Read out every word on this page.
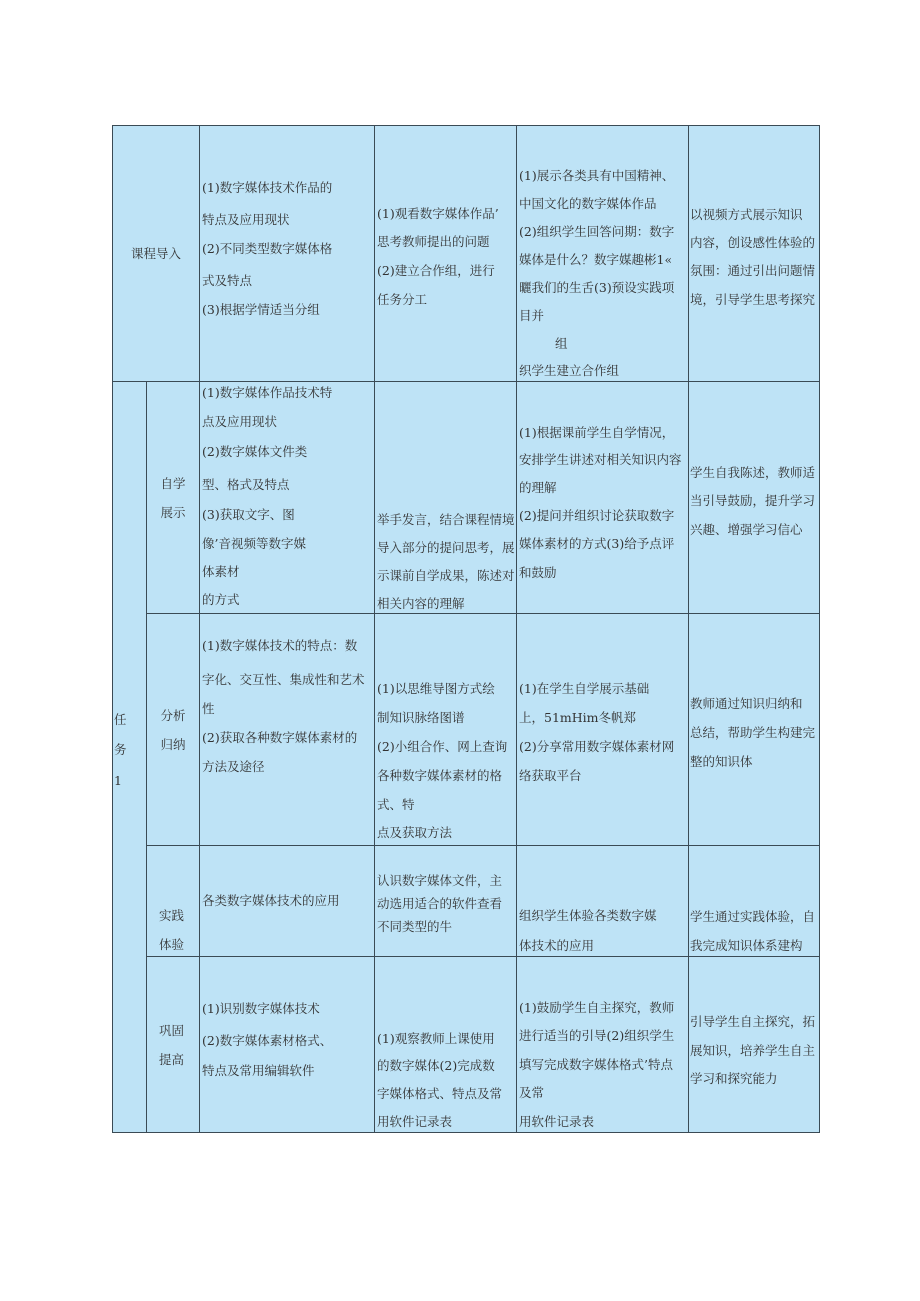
课程导入
(1)数字媒体技术作品的
特点及应用现状
(2)不同类型数字媒体格
式及特点
(3)根据学情适当分组
(1)观看数字媒体作品’
思考教师提出的问题
(2)建立合作组，进行
任务分工
(1)展示各类具有中国精神、
中国文化的数字媒体作品
(2)组织学生回答问期：数字
媒体是什么？数字媒趣彬1«
曬我们的生舌(3)预设实践项
目并
组
织学生建立合作组
以视频方式展示知识
内容，创设感性体验的
氛围：通过引出问题情
境，引导学生思考探究
任
务
1
自学
展示
(1)数字媒体作品技术特
点及应用现状
(2)数字媒体文件类
型、格式及特点
(3)获取文字、图
像’音视频等数字媒
体素材
的方式
举手发言，结合课程情境
导入部分的提问思考，展
示课前自学成果，陈述对
相关内容的理解
(1)根据课前学生自学情况，
安排学生讲述对相关知识内容
的理解
(2)提问并组织讨论获取数字
媒体素材的方式(3)给予点评
和鼓励
学生自我陈述，教师适
当引导鼓励，提升学习
兴趣、增强学习信心
分析
归纳
(1)数字媒体技术的特点：数
字化、交互性、集成性和艺术
性
(2)获取各种数字媒体素材的
方法及途径
(1)以思维导图方式绘
制知识脉络图谱
(2)小组合作、网上查询
各种数字媒体素材的格
式、特
点及获取方法
(1)在学生自学展示基础
上，51mHim冬帆郑
(2)分享常用数字媒体素材网
络获取平台
教师通过知识归纳和
总结，帮助学生构建完
整的知识体
实践
体验
各类数字媒体技术的应用
认识数字媒体文件，主
动选用适合的软件查看
不同类型的牛
组织学生体验各类数字媒
体技术的应用
学生通过实践体验，自
我完成知识体系建构
巩固
提高
(1)识别数字媒体技术
(2)数字媒体素材格式、
特点及常用编辑软件
(1)观察教师上课使用
的数字媒体(2)完成数
字媒体格式、特点及常
用软件记录表
(1)鼓励学生自主探究，教师
进行适当的引导(2)组织学生
填写完成数字媒体格式’特点
及常
用软件记录表
引导学生自主探究，拓
展知识，培养学生自主
学习和探究能力
